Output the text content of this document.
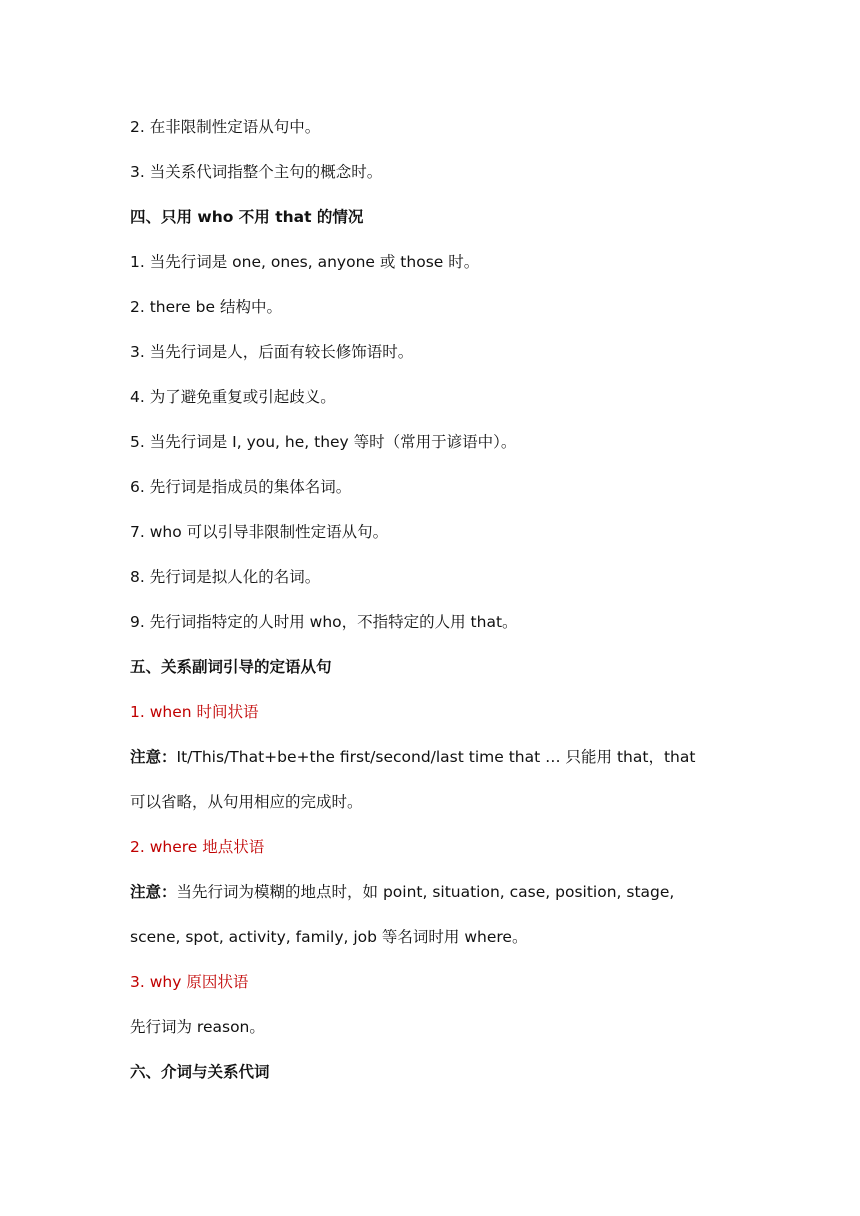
2. 在非限制性定语从句中。
3. 当关系代词指整个主句的概念时。
四、只用 who 不用 that 的情况
1. 当先行词是 one, ones, anyone 或 those 时。
2. there be 结构中。
3. 当先行词是人，后面有较长修饰语时。
4. 为了避免重复或引起歧义。
5. 当先行词是 I, you, he, they 等时（常用于谚语中）。
6. 先行词是指成员的集体名词。
7. who 可以引导非限制性定语从句。
8. 先行词是拟人化的名词。
9. 先行词指特定的人时用 who，不指特定的人用 that。
五、关系副词引导的定语从句
1. when 时间状语
注意：It/This/That+be+the first/second/last time that … 只能用 that，that
可以省略，从句用相应的完成时。
2. where 地点状语
注意：当先行词为模糊的地点时，如 point, situation, case, position, stage,
scene, spot, activity, family, job 等名词时用 where。
3. why 原因状语
先行词为 reason。
六、介词与关系代词
